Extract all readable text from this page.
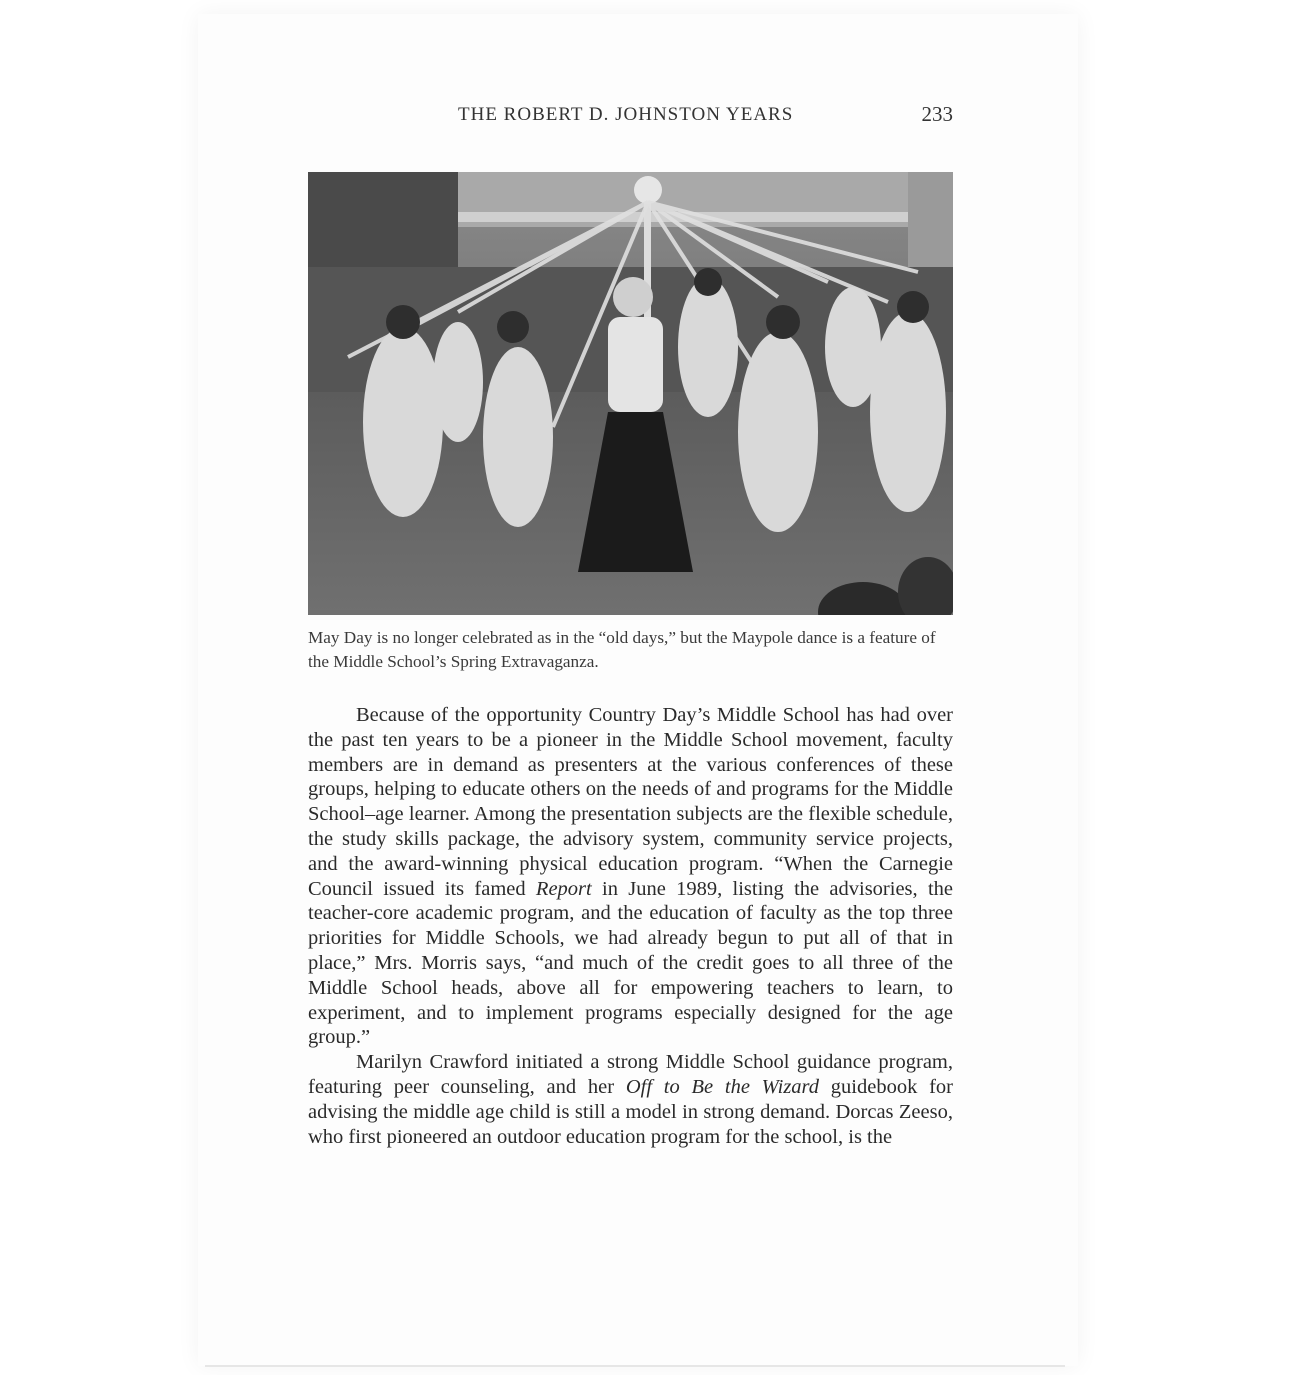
THE ROBERT D. JOHNSTON YEARS	233

May Day is no longer celebrated as in the “old days,” but the Maypole dance is a feature of the Middle School’s Spring Extravaganza.

Because of the opportunity Country Day’s Middle School has had over the past ten years to be a pioneer in the Middle School movement, faculty members are in demand as presenters at the various conferences of these groups, helping to educate others on the needs of and programs for the Middle School–age learner. Among the presentation subjects are the flexible schedule, the study skills package, the advisory system, community service projects, and the award-winning physical education program. “When the Carnegie Council issued its famed Report in June 1989, listing the advisories, the teacher-core academic program, and the education of faculty as the top three priorities for Middle Schools, we had already begun to put all of that in place,” Mrs. Morris says, “and much of the credit goes to all three of the Middle School heads, above all for empowering teachers to learn, to experiment, and to implement programs especially designed for the age group.”

Marilyn Crawford initiated a strong Middle School guidance program, featuring peer counseling, and her Off to Be the Wizard guidebook for advising the middle age child is still a model in strong demand. Dorcas Zeeso, who first pioneered an outdoor education program for the school, is the
